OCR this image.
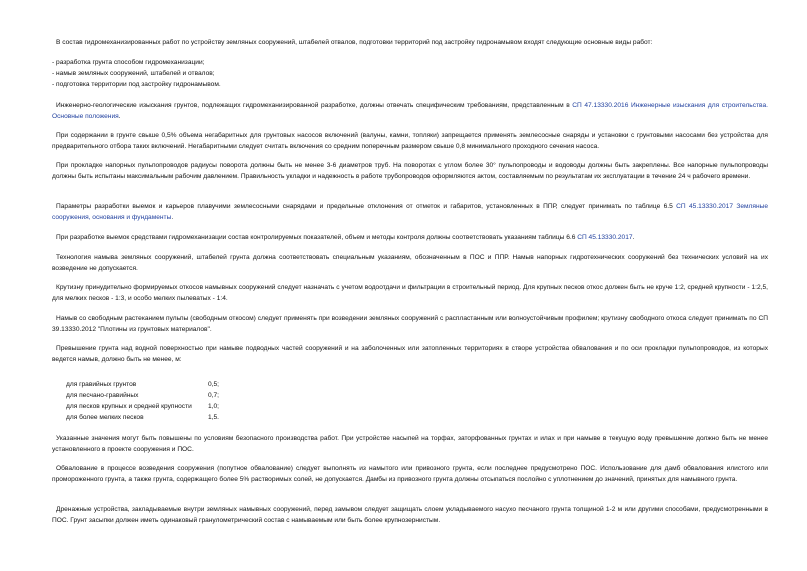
В состав гидромеханизированных работ по устройству земляных сооружений, штабелей отвалов, подготовки территорий под застройку гидронамывом входят следующие основные виды работ:

- разработка грунта способом гидромеханизации;

- намыв земляных сооружений, штабелей и отвалов;

- подготовка территории под застройку гидронамывом.

Инженерно-геологические изыскания грунтов, подлежащих гидромеханизированной разработке, должны отвечать специфическим требованиям, представленным в СП 47.13330.2016 Инженерные изыскания для строительства. Основные положения.

При содержании в грунте свыше 0,5% объема негабаритных для грунтовых насосов включений (валуны, камни, топляки) запрещается применять землесосные снаряды и установки с грунтовыми насосами без устройства для предварительного отбора таких включений. Негабаритными следует считать включения со средним поперечным размером свыше 0,8 минимального проходного сечения насоса.

При прокладке напорных пульпопроводов радиусы поворота должны быть не менее 3-6 диаметров труб. На поворотах с углом более 30° пульпопроводы и водоводы должны быть закреплены. Все напорные пульпопроводы должны быть испытаны максимальным рабочим давлением. Правильность укладки и надежность в работе трубопроводов оформляются актом, составляемым по результатам их эксплуатации в течение 24 ч рабочего времени.

Параметры разработки выемок и карьеров плавучими землесосными снарядами и предельные отклонения от отметок и габаритов, установленных в ППР, следует принимать по таблице 6.5 СП 45.13330.2017 Земляные сооружения, основания и фундаменты.

При разработке выемок средствами гидромеханизации состав контролируемых показателей, объем и методы контроля должны соответствовать указаниям таблицы 6.6 СП 45.13330.2017.

Технология намыва земляных сооружений, штабелей грунта должна соответствовать специальным указаниям, обозначенным в ПОС и ППР. Намыв напорных гидротехнических сооружений без технических условий на их возведение не допускается.

Крутизну принудительно формируемых откосов намывных сооружений следует назначать с учетом водоотдачи и фильтрации в строительный период. Для крупных песков откос должен быть не круче 1:2, средней крупности - 1:2,5, для мелких песков - 1:3, и особо мелких пылеватых - 1:4.

Намыв со свободным растеканием пульпы (свободным откосом) следует применять при возведении земляных сооружений с распластанным или волноустойчивым профилем; крутизну свободного откоса следует принимать по СП 39.13330.2012 "Плотины из грунтовых материалов".

Превышение грунта над водной поверхностью при намыве подводных частей сооружений и на заболоченных или затопленных территориях в створе устройства обвалования и по оси прокладки пульпопроводов, из которых ведется намыв, должно быть не менее, м:

для гравийных грунтов	0,5;
для песчано-гравийных	0,7;
для песков крупных и средней крупности 1,0;
для более мелких песков	1,5.

Указанные значения могут быть повышены по условиям безопасного производства работ. При устройстве насыпей на торфах, заторфованных грунтах и илах и при намыве в текущую воду превышение должно быть не менее установленного в проекте сооружения и ПОС.

Обвалование в процессе возведения сооружения (попутное обвалование) следует выполнять из намытого или привозного грунта, если последнее предусмотрено ПОС. Использование для дамб обвалования илистого или промороженного грунта, а также грунта, содержащего более 5% растворимых солей, не допускается. Дамбы из привозного грунта должны отсыпаться послойно с уплотнением до значений, принятых для намывного грунта.

Дренажные устройства, закладываемые внутри земляных намывных сооружений, перед замывом следует защищать слоем укладываемого насухо песчаного грунта толщиной 1-2 м или другими способами, предусмотренными в ПОС. Грунт засыпки должен иметь одинаковый гранулометрический состав с намываемым или быть более крупнозернистым.
